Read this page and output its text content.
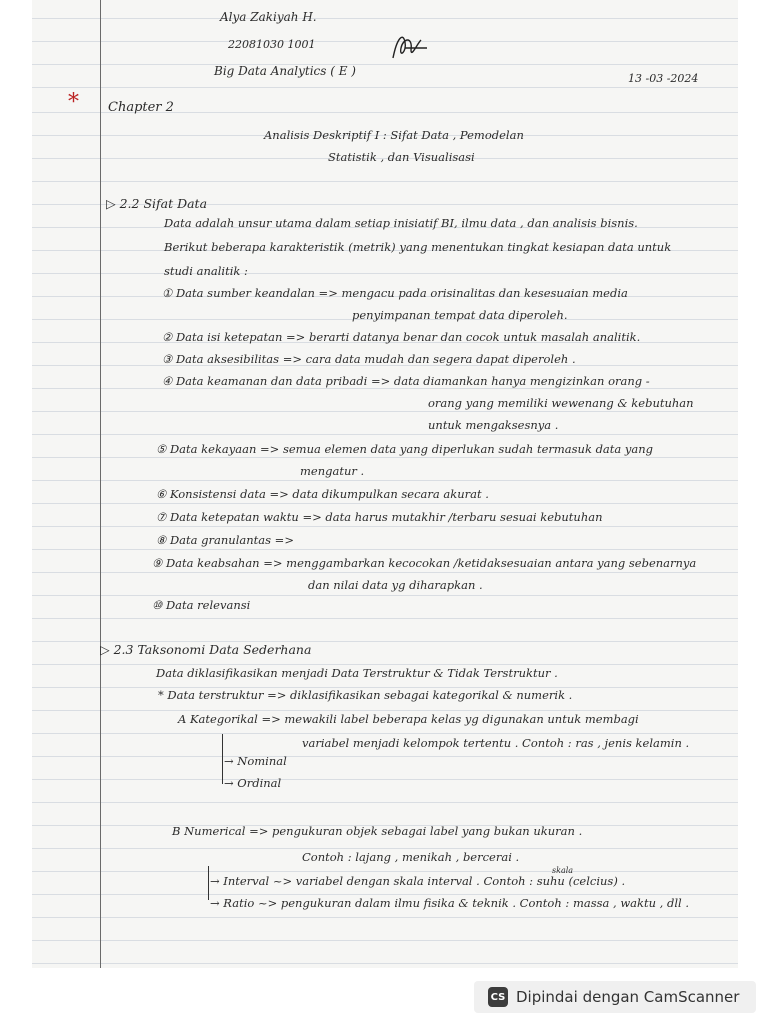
Alya Zakiyah H.
22081030 1001
Big Data Analytics ( E )
13 -03 -2024
* Chapter 2
Analisis Deskriptif I : Sifat Data , Pemodelan
Statistik , dan Visualisasi
▷ 2.2 Sifat Data
Data adalah unsur utama dalam setiap inisiatif BI, ilmu data , dan analisis bisnis.
Berikut beberapa karakteristik (metrik) yang menentukan tingkat kesiapan data untuk
studi analitik :
① Data sumber keandalan => mengacu pada orisinalitas dan kesesuaian media
penyimpanan tempat data diperoleh.
② Data isi ketepatan => berarti datanya benar dan cocok untuk masalah analitik.
③ Data aksesibilitas => cara data mudah dan segera dapat diperoleh .
④ Data keamanan dan data pribadi => data diamankan hanya mengizinkan orang -
orang yang memiliki wewenang & kebutuhan
untuk mengaksesnya .
⑤ Data kekayaan => semua elemen data yang diperlukan sudah termasuk data yang
mengatur .
⑥ Konsistensi data => data dikumpulkan secara akurat .
⑦ Data ketepatan waktu => data harus mutakhir /terbaru sesuai kebutuhan
⑧ Data granulantas =>
⑨ Data keabsahan => menggambarkan kecocokan /ketidaksesuaian antara yang sebenarnya
dan nilai data yg diharapkan .
⑩ Data relevansi
▷ 2.3 Taksonomi Data Sederhana
Data diklasifikasikan menjadi Data Terstruktur & Tidak Terstruktur .
* Data terstruktur => diklasifikasikan sebagai kategorikal & numerik .
A Kategorikal => mewakili label beberapa kelas yg digunakan untuk membagi
variabel menjadi kelompok tertentu . Contoh : ras , jenis kelamin .
→ Nominal
→ Ordinal
B Numerical => pengukuran objek sebagai label yang bukan ukuran .
Contoh : lajang , menikah , bercerai .
skala
→ Interval ~> variabel dengan skala interval . Contoh : suhu (celcius) .
→ Ratio ~> pengukuran dalam ilmu fisika & teknik . Contoh : massa , waktu , dll .
CS Dipindai dengan CamScanner
